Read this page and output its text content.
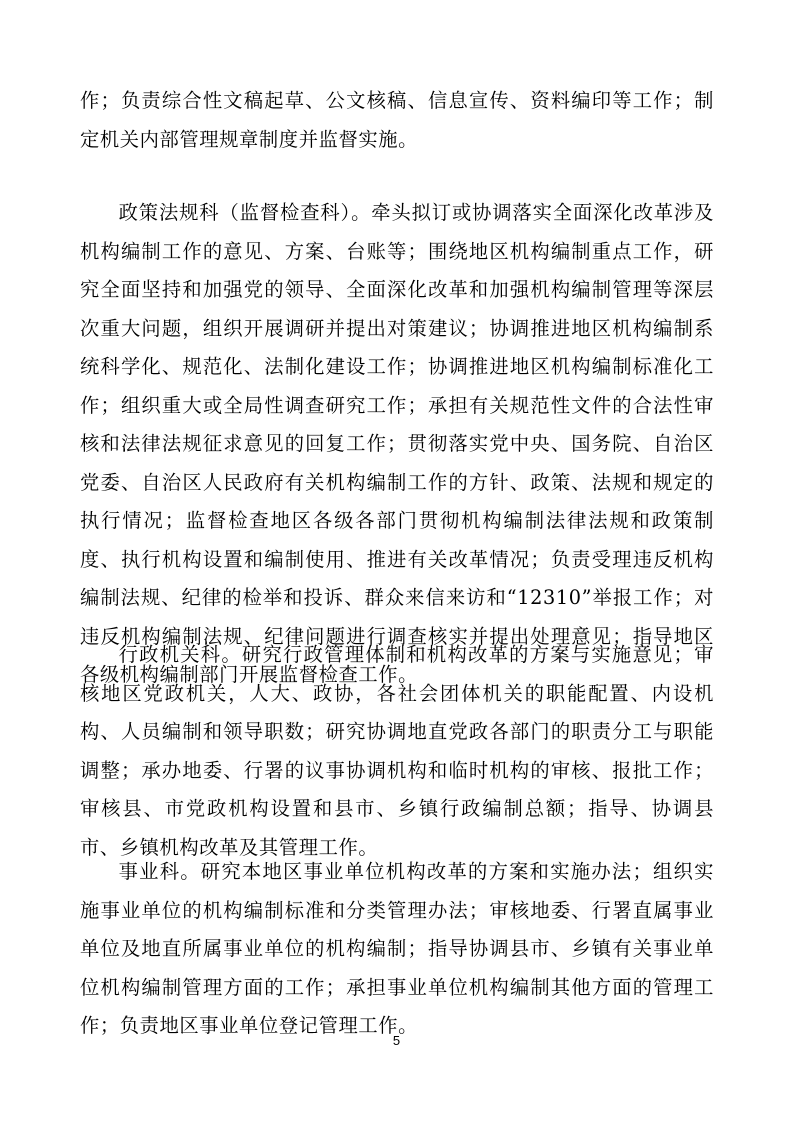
作；负责综合性文稿起草、公文核稿、信息宣传、资料编印等工作；制定机关内部管理规章制度并监督实施。

政策法规科（监督检查科）。牵头拟订或协调落实全面深化改革涉及机构编制工作的意见、方案、台账等；围绕地区机构编制重点工作，研究全面坚持和加强党的领导、全面深化改革和加强机构编制管理等深层次重大问题，组织开展调研并提出对策建议；协调推进地区机构编制系统科学化、规范化、法制化建设工作；协调推进地区机构编制标准化工作；组织重大或全局性调查研究工作；承担有关规范性文件的合法性审核和法律法规征求意见的回复工作；贯彻落实党中央、国务院、自治区党委、自治区人民政府有关机构编制工作的方针、政策、法规和规定的执行情况；监督检查地区各级各部门贯彻机构编制法律法规和政策制度、执行机构设置和编制使用、推进有关改革情况；负责受理违反机构编制法规、纪律的检举和投诉、群众来信来访和“12310”举报工作；对违反机构编制法规、纪律问题进行调查核实并提出处理意见；指导地区各级机构编制部门开展监督检查工作。

行政机关科。研究行政管理体制和机构改革的方案与实施意见；审核地区党政机关，人大、政协，各社会团体机关的职能配置、内设机构、人员编制和领导职数；研究协调地直党政各部门的职责分工与职能调整；承办地委、行署的议事协调机构和临时机构的审核、报批工作；审核县、市党政机构设置和县市、乡镇行政编制总额；指导、协调县市、乡镇机构改革及其管理工作。

事业科。研究本地区事业单位机构改革的方案和实施办法；组织实施事业单位的机构编制标准和分类管理办法；审核地委、行署直属事业单位及地直所属事业单位的机构编制；指导协调县市、乡镇有关事业单位机构编制管理方面的工作；承担事业单位机构编制其他方面的管理工作；负责地区事业单位登记管理工作。

5
